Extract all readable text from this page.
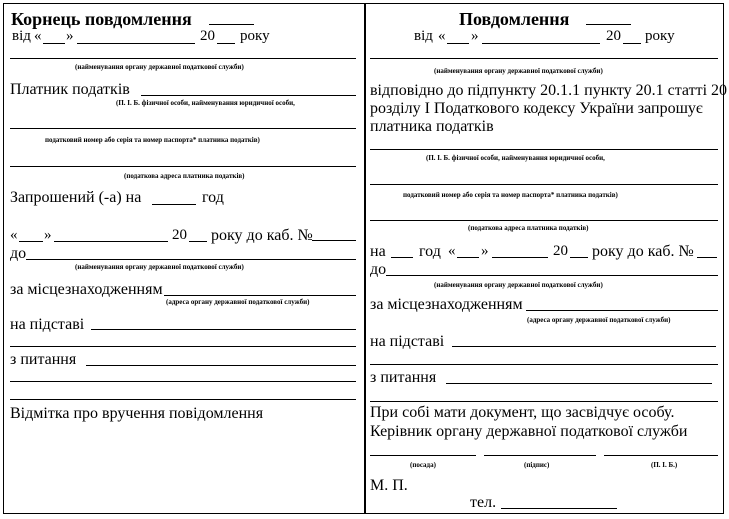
Корнець повдомлення
від « »	20 року
(найменування органу державної податкової служби)
Платник податків
(П. І. Б. фізичної особи, найменування юридичної особи,
податковий номер або серія та номер паспорта* платника податків)
(податкова адреса платника податків)
Запрошений (-а) на	год
« »	20 року до каб. №
до
(найменування органу державної податкової служби)
за місцезнаходженням
(адреса органу державної податкової служби)
на підставі
з питання
Відмітка про вручення повідомлення
Повдомлення
від « »	20 року
(найменування органу державної податкової служби)
відповідно до підпункту 20.1.1 пункту 20.1 статті 20
розділу І Податкового кодексу України запрошує
платника податків
(П. І. Б. фізичної особи, найменування юридичної особи,
податковий номер або серія та номер паспорта* платника податків)
(податкова адреса платника податків)
на год « »	20 року до каб. №
до
(найменування органу державної податкової служби)
за місцезнаходженням
(адреса органу державної податкової служби)
на підставі
з питання
При собі мати документ, що засвідчує особу.
Керівник органу державної податкової служби
(посада)	(підпис)	(П. І. Б.)
М. П.
тел.
